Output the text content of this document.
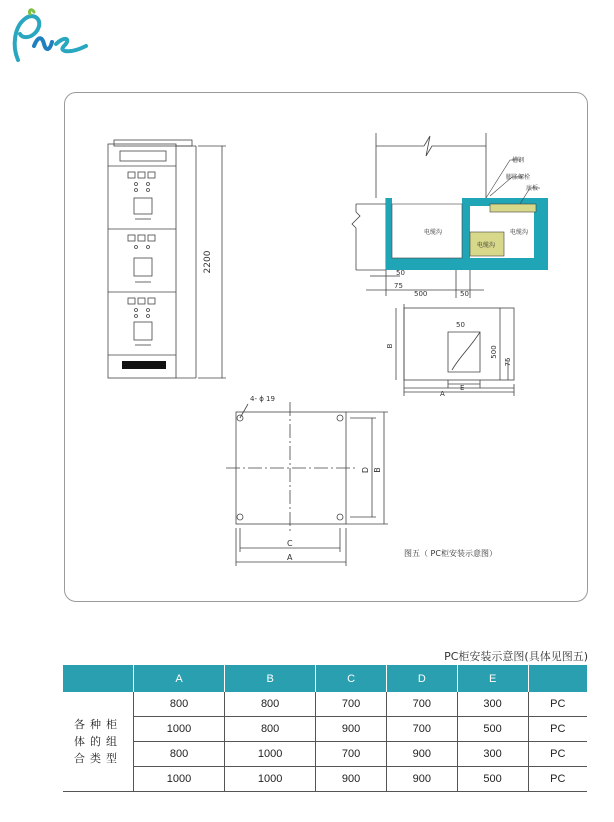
2200
槽钢
膨胀螺栓
底板
电缆沟
电缆沟
电缆沟
50
75
500	50
B
50
500
75
A
E
4- ϕ 19
D B
C
A	图五（ PC柜安装示意图）
PC柜安装示意图(具体见图五)
	A	B	C	D	E	

各种柜
体的组
合类型	800	800	700	700	300	PC
	1000	800	900	700	500	PC
	800	1000	700	900	300	PC
	1000	1000	900	900	500	PC
